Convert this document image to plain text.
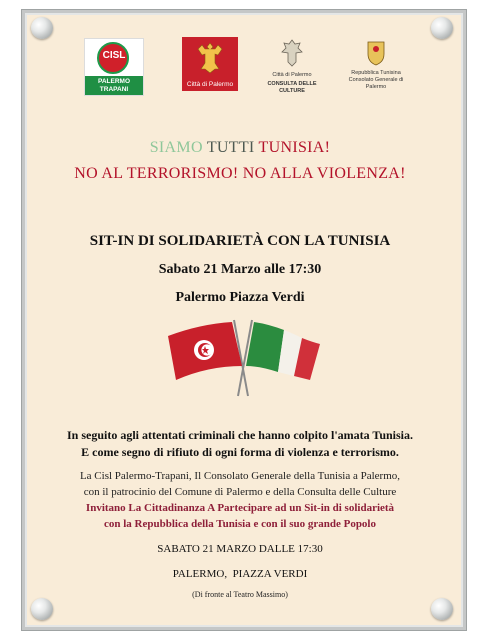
CISL
PALERMO
TRAPANI
Città di Palermo
Città di Palermo
CONSULTA DELLE CULTURE
Repubblica Tunisina
Consolato Generale di
Palermo
SIAMO TUTTI TUNISIA!
NO AL TERRORISMO! NO ALLA VIOLENZA!
SIT-IN DI SOLIDARIETÀ CON LA TUNISIA
Sabato 21 Marzo alle 17:30
Palermo Piazza Verdi
In seguito agli attentati criminali che hanno colpito l'amata Tunisia.
E come segno di rifiuto di ogni forma di violenza e terrorismo.
La Cisl Palermo-Trapani, Il Consolato Generale della Tunisia a Palermo,
con il patrocinio del Comune di Palermo e della Consulta delle Culture
Invitano La Cittadinanza A Partecipare ad un Sit-in di solidarietà
con la Repubblica della Tunisia e con il suo grande Popolo
SABATO 21 MARZO DALLE 17:30
PALERMO,  PIAZZA VERDI
(Di fronte al Teatro Massimo)
